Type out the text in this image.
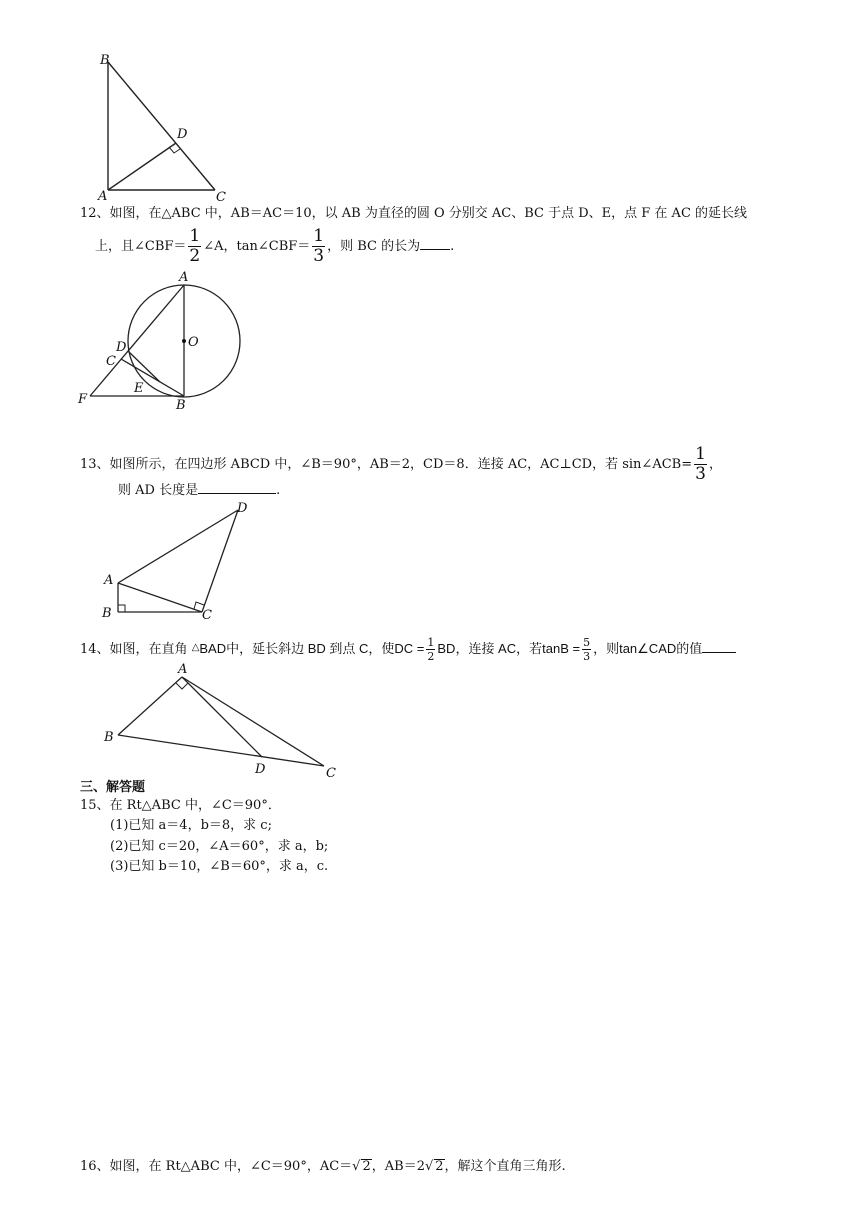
B
D
A	C
12、如图，在△ABC 中，AB＝AC＝10，以 AB 为直径的圆 O 分别交 AC、BC 于点 D、E，点 F 在 AC 的延长线
上，且∠CBF＝ $\frac{1}{2}$ ∠A，tan∠CBF＝ $\frac{1}{3}$ ，则 BC 的长为 .
A
O
D
C
E
F	B
13、如图所示，在四边形 ABCD 中，∠B＝90°，AB＝2，CD＝8．连接 AC，AC⊥CD，若 sin∠ACB= $\frac{1}{3}$ ，
则 AD 长度是	.
D
A
B	C
14、如图，在直角 △BAD中，延长斜边 BD 到点 C，使DC = $\frac{1}{2}$ BD，连接 AC，若$\tan B = \frac{5}{3}$ ，则tan∠CAD的值
A
B
D	C
三、解答题
15、在 Rt△ABC 中，∠C＝90°．
(1)已知 a＝4，b＝8，求 c;
(2)已知 c＝20，∠A＝60°，求 a，b;
(3)已知 b＝10，∠B＝60°，求 a，c.
16、如图，在 Rt△ABC 中，∠C＝90°，AC＝√ 2，AB＝2√ 2，解这个直角三角形.
